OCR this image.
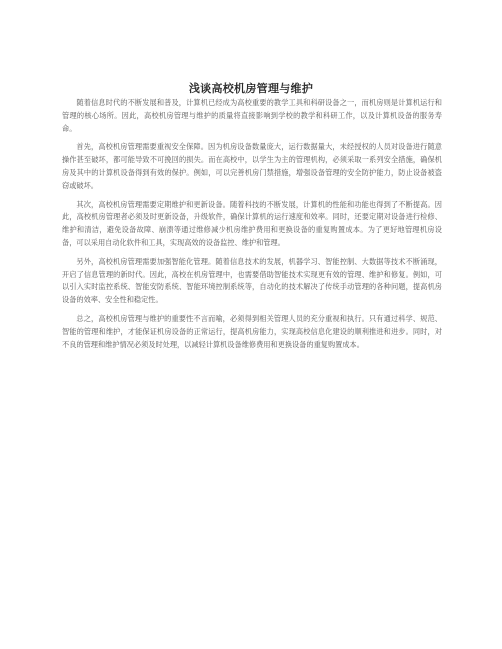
浅谈高校机房管理与维护

随着信息时代的不断发展和普及，计算机已经成为高校重要的教学工具和科研设备之一，而机房则是计算机运行和管理的核心场所。因此，高校机房管理与维护的质量将直接影响到学校的教学和科研工作，以及计算机设备的服务寿命。

首先，高校机房管理需要重视安全保障。因为机房设备数量庞大，运行数据量大，未经授权的人员对设备进行随意操作甚至破坏，都可能导致不可挽回的损失。而在高校中，以学生为主的管理机构，必须采取一系列安全措施，确保机房及其中的计算机设备得到有效的保护。例如，可以完善机房门禁措施，增强设备管理的安全防护能力，防止设备被盗窃或破坏。

其次，高校机房管理需要定期维护和更新设备。随着科技的不断发展，计算机的性能和功能也得到了不断提高。因此，高校机房管理者必须及时更新设备，升级软件，确保计算机的运行速度和效率。同时，还要定期对设备进行检修、维护和清洁，避免设备故障、崩溃等通过维修减少机房维护费用和更换设备的重复购置成本。为了更好地管理机房设备，可以采用自动化软件和工具，实现高效的设备监控、维护和管理。

另外，高校机房管理需要加强智能化管理。随着信息技术的发展，机器学习、智能控制、大数据等技术不断涌现，开启了信息管理的新时代。因此，高校在机房管理中，也需要借助智能技术实现更有效的管理、维护和修复。例如，可以引入实时监控系统、智能安防系统、智能环境控制系统等，自动化的技术解决了传统手动管理的各种问题，提高机房设备的效率、安全性和稳定性。

总之，高校机房管理与维护的重要性不言而喻，必须得到相关管理人员的充分重视和执行。只有通过科学、规范、智能的管理和维护，才能保证机房设备的正常运行，提高机房能力，实现高校信息化建设的顺利推进和进步。同时，对不良的管理和维护情况必须及时处理，以减轻计算机设备维修费用和更换设备的重复购置成本。
